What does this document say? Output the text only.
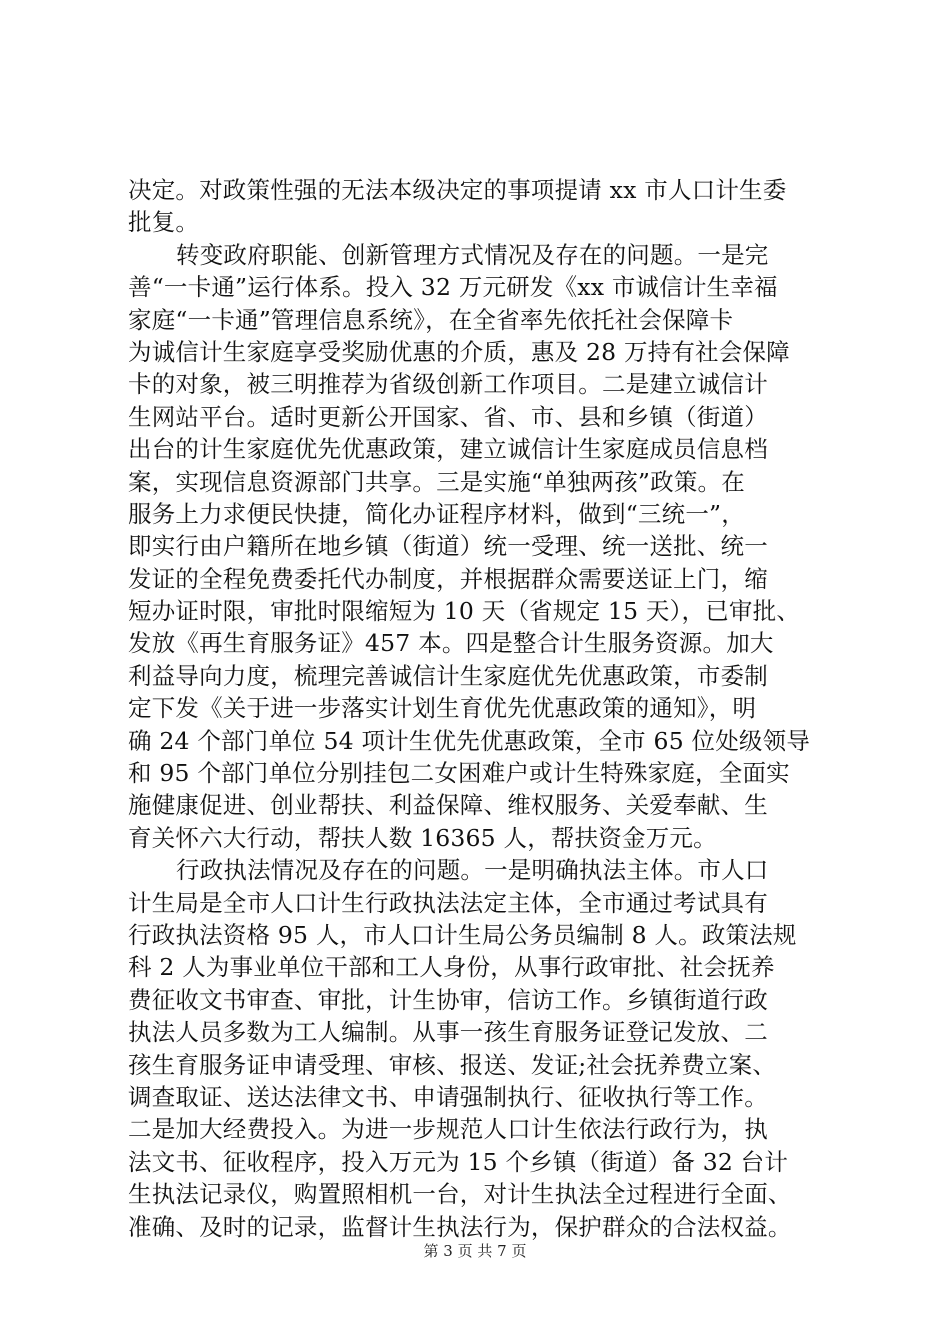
决定。对政策性强的无法本级决定的事项提请 xx 市人口计生委
批复。
转变政府职能、创新管理方式情况及存在的问题。一是完
善“一卡通”运行体系。投入 32 万元研发《xx 市诚信计生幸福
家庭“一卡通”管理信息系统》，在全省率先依托社会保障卡
为诚信计生家庭享受奖励优惠的介质，惠及 28 万持有社会保障
卡的对象，被三明推荐为省级创新工作项目。二是建立诚信计
生网站平台。适时更新公开国家、省、市、县和乡镇（街道）
出台的计生家庭优先优惠政策，建立诚信计生家庭成员信息档
案，实现信息资源部门共享。三是实施“单独两孩”政策。在
服务上力求便民快捷，简化办证程序材料，做到“三统一”，
即实行由户籍所在地乡镇（街道）统一受理、统一送批、统一
发证的全程免费委托代办制度，并根据群众需要送证上门，缩
短办证时限，审批时限缩短为 10 天（省规定 15 天），已审批、
发放《再生育服务证》457 本。四是整合计生服务资源。加大
利益导向力度，梳理完善诚信计生家庭优先优惠政策，市委制
定下发《关于进一步落实计划生育优先优惠政策的通知》，明
确 24 个部门单位 54 项计生优先优惠政策，全市 65 位处级领导
和 95 个部门单位分别挂包二女困难户或计生特殊家庭，全面实
施健康促进、创业帮扶、利益保障、维权服务、关爱奉献、生
育关怀六大行动，帮扶人数 16365 人，帮扶资金万元。
行政执法情况及存在的问题。一是明确执法主体。市人口
计生局是全市人口计生行政执法法定主体，全市通过考试具有
行政执法资格 95 人，市人口计生局公务员编制 8 人。政策法规
科 2 人为事业单位干部和工人身份，从事行政审批、社会抚养
费征收文书审查、审批，计生协审，信访工作。乡镇街道行政
执法人员多数为工人编制。从事一孩生育服务证登记发放、二
孩生育服务证申请受理、审核、报送、发证;社会抚养费立案、
调查取证、送达法律文书、申请强制执行、征收执行等工作。
二是加大经费投入。为进一步规范人口计生依法行政行为，执
法文书、征收程序，投入万元为 15 个乡镇（街道）备 32 台计
生执法记录仪，购置照相机一台，对计生执法全过程进行全面、
准确、及时的记录，监督计生执法行为，保护群众的合法权益。
第 3 页 共 7 页
